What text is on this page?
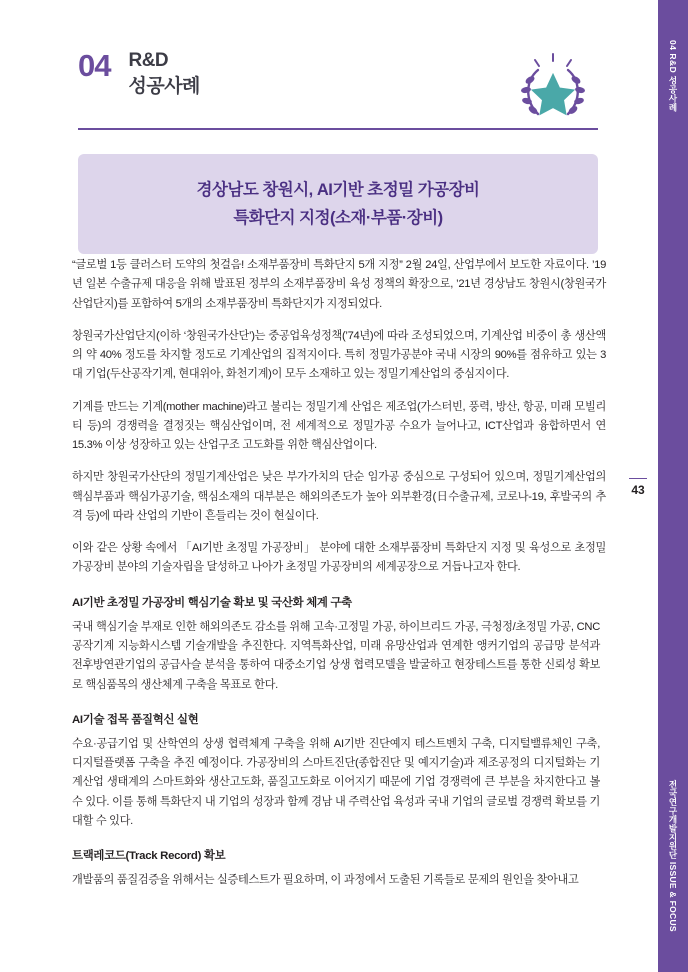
04 R&D 성공사례
전국연구개발지원단 ISSUE & FOCUS
43
04 R&D
성공사례
경상남도 창원시, AI기반 초정밀 가공장비
특화단지 지정(소재·부품·장비)

“글로벌 1등 클러스터 도약의 첫걸음! 소재부품장비 특화단지 5개 지정” 2월 24일, 산업부에서 보도한 자료이다. ’19년 일본 수출규제 대응을 위해 발표된 정부의 소재부품장비 육성 정책의 확장으로, ’21년 경상남도 창원시(창원국가산업단지)를 포함하여 5개의 소재부품장비 특화단지가 지정되었다.

창원국가산업단지(이하 ‘창원국가산단’)는 중공업육성정책(’74년)에 따라 조성되었으며, 기계산업 비중이 총 생산액의 약 40% 정도를 차지할 정도로 기계산업의 집적지이다. 특히 정밀가공분야 국내 시장의 90%를 점유하고 있는 3대 기업(두산공작기계, 현대위아, 화천기계)이 모두 소재하고 있는 정밀기계산업의 중심지이다.

기계를 만드는 기계(mother machine)라고 불리는 정밀기계 산업은 제조업(가스터빈, 풍력, 방산, 항공, 미래 모빌리티 등)의 경쟁력을 결정짓는 핵심산업이며, 전 세계적으로 정밀가공 수요가 늘어나고, ICT산업과 융합하면서 연 15.3% 이상 성장하고 있는 산업구조 고도화를 위한 핵심산업이다.

하지만 창원국가산단의 정밀기계산업은 낮은 부가가치의 단순 임가공 중심으로 구성되어 있으며, 정밀기계산업의 핵심부품과 핵심가공기술, 핵심소재의 대부분은 해외의존도가 높아 외부환경(日수출규제, 코로나-19, 후발국의 추격 등)에 따라 산업의 기반이 흔들리는 것이 현실이다.

이와 같은 상황 속에서 「AI기반 초정밀 가공장비」 분야에 대한 소재부품장비 특화단지 지정 및 육성으로 초정밀 가공장비 분야의 기술자립을 달성하고 나아가 초정밀 가공장비의 세계공장으로 거듭나고자 한다.

AI기반 초정밀 가공장비 핵심기술 확보 및 국산화 체계 구축

국내 핵심기술 부재로 인한 해외의존도 감소를 위해 고속·고정밀 가공, 하이브리드 가공, 극청정/초정밀 가공, CNC 공작기계 지능화시스템 기술개발을 추진한다. 지역특화산업, 미래 유망산업과 연계한 앵커기업의 공급망 분석과 전후방연관기업의 공급사슬 분석을 통하여 대중소기업 상생 협력모델을 발굴하고 현장테스트를 통한 신뢰성 확보로 핵심품목의 생산체계 구축을 목표로 한다.

AI기술 접목 품질혁신 실현

수요·공급기업 및 산학연의 상생 협력체계 구축을 위해 AI기반 진단예지 테스트벤치 구축, 디지털밸류체인 구축, 디지털플랫폼 구축을 추진 예정이다. 가공장비의 스마트진단(종합진단 및 예지기술)과 제조공정의 디지털화는 기계산업 생태계의 스마트화와 생산고도화, 품질고도화로 이어지기 때문에 기업 경쟁력에 큰 부분을 차지한다고 볼 수 있다. 이를 통해 특화단지 내 기업의 성장과 함께 경남 내 주력산업 육성과 국내 기업의 글로벌 경쟁력 확보를 기대할 수 있다.

트랙레코드(Track Record) 확보

개발품의 품질검증을 위해서는 실증테스트가 필요하며, 이 과정에서 도출된 기록들로 문제의 원인을 찾아내고
